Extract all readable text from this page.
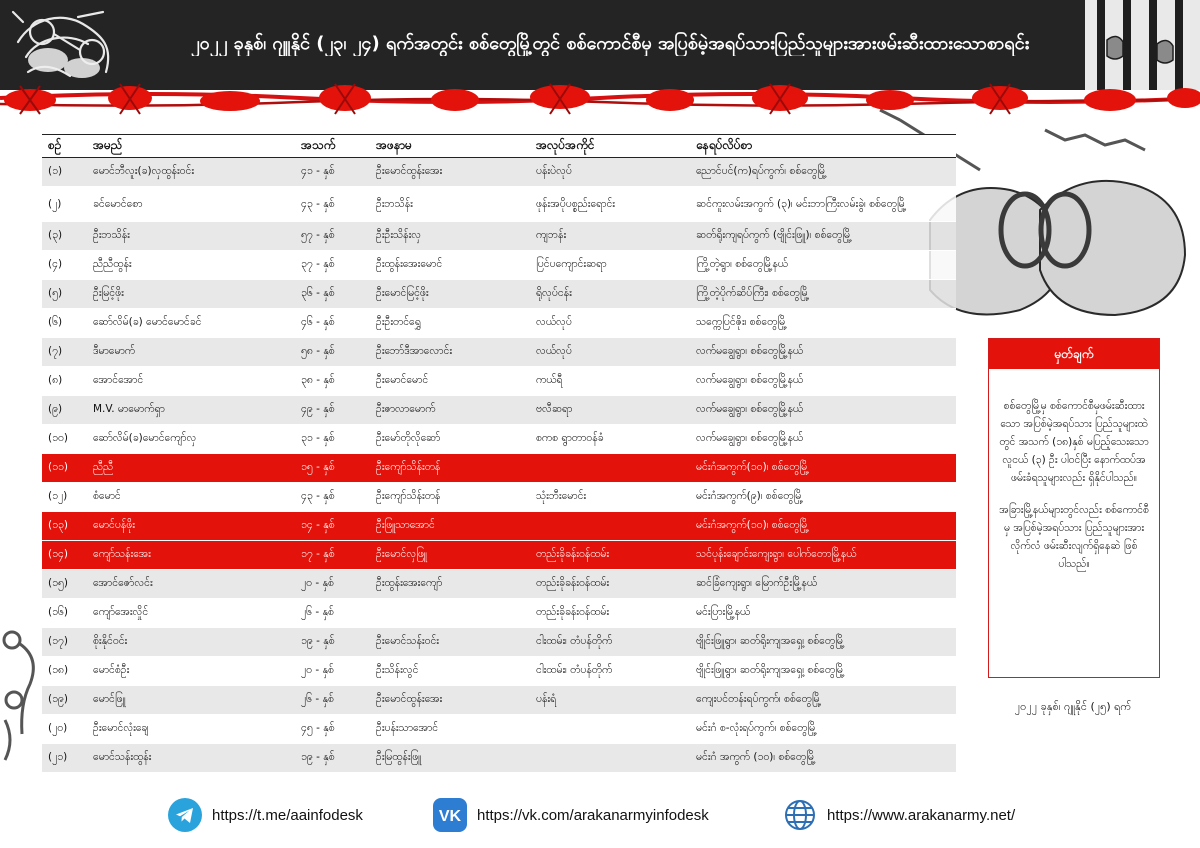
၂၀၂၂ ခုနှစ်၊ ဂျူနိုင် (၂၃၊ ၂၄) ရက်အတွင်း စစ်တွေမြို့တွင် စစ်ကောင်စီမှ အပြစ်မဲ့အရပ်သားပြည်သူများအားဖမ်းဆီးထားသောစာရင်း
စဉ်	အမည်	အသက်	အဖနာမ	အလုပ်အကိုင်	နေရပ်လိပ်စာ
(၁)	မောင်ဘီလူး(ခ)လှထွန်းဝင်း	၄၁ - နှစ်	ဦးမောင်ထွန်းအေး	ပန်းပဲလုပ်	ညောင်ပင်(က)ရပ်ကွက်၊ စစ်တွေမြို့
(၂)	ခင်မောင်စော	၄၃ - နှစ်	ဦးဘသိန်း	ဖုန်းအပိုပစ္စည်းရောင်း	ဆင်ကူးလမ်းအကွက် (၃)၊ မင်းဘာကြီးလမ်းခွဲ၊ စစ်တွေမြို့
(၃)	ဦးဘသိန်း	၅၇ - နှစ်	ဦးဦးသိန်းလှ	ကျဘန်း	ဆတ်ရိုးကျရပ်ကွက် (ဗျိုင်းဖြူ)၊ စစ်တွေမြို့
(၄)	ညီညီထွန်း	၃၇ - နှစ်	ဦးထွန်းအေးမောင်	ပြင်ပကျောင်းဆရာ	ကြို့တဲ့ရွာ၊ စစ်တွေမြို့နယ်
(၅)	ဦးမြင့်ဖိုး	၃၆ - နှစ်	ဦးမောင်မြင့်ဖိုး	ရိုလုပ်ငန်း	ကြို့တဲ့ပိုက်ဆိပ်ကြီး၊ စစ်တွေမြို့
(၆)	ဆော်လိမ်(ခ) မောင်မောင်ခင်	၄၆ - နှစ်	ဦးဦးတင်ရွှေ	လယ်လုပ်	သက္ကေပြင်ဇိုး၊ စစ်တွေမြို့
(၇)	ဒီမာမောက်	၅၈ - နှစ်	ဦးဘော်ဒီအာလောင်း	လယ်လုပ်	လက်မချွေရွာ၊ စစ်တွေမြို့နယ်
(၈)	အောင်အောင်	၃၈ - နှစ်	ဦးမောင်မောင်	ကယ်ရီ	လက်မချွေရွာ၊ စစ်တွေမြို့နယ်
(၉)	M.V. မာမောက်ရှာ	၄၉ - နှစ်	ဦးဇာလာမောက်	ဗလီဆရာ	လက်မချွေရွာ၊ စစ်တွေမြို့နယ်
(၁၀)	ဆော်လိမ်(ခ)မောင်ကျော်လှ	၃၁ - နှစ်	ဦးမော်တိုလိုဆော်	စကစ ရွာတာဝန်ခံ	လက်မချွေရွာ၊ စစ်တွေမြို့နယ်
(၁၁)	ညီညီ	၁၅ - နှစ်	ဦးကျော်သိန်းတန်		မင်းဂံအကွက်(၁၀)၊ စစ်တွေမြို့
(၁၂)	စံမောင်	၄၃ - နှစ်	ဦးကျော်သိန်းတန်	သုံးဘီးမောင်း	မင်းဂံအကွက်(၉)၊ စစ်တွေမြို့
(၁၃)	မောင်ပန်ဖိုး	၁၄ - နှစ်	ဦးဖြူသာအောင်		မင်းဂံအကွက်(၁၀)၊ စစ်တွေမြို့
(၁၄)	ကျော်သန်းအေး	၁၇ - နှစ်	ဦးမောင်လှဖြူ	တည်းခိုခန်းဝန်ထမ်း	သင်ပုန်းချောင်းကျေးရွာ၊ ပေါက်တောမြို့နယ်
(၁၅)	အောင်ဇော်လင်း	၂၀ - နှစ်	ဦးထွန်းအေးကျော်	တည်းခိုခန်းဝန်ထမ်း	ဆင်ခြံကျေးရွာ၊ မြောက်ဦးမြို့နယ်
(၁၆)	ကျော်အေးလှိုင်	၂၆ - နှစ်		တည်းခိုခန်းဝန်ထမ်း	မင်းပြားမြို့နယ်
(၁၇)	စိုးနိုင်ဝင်း	၁၉ - နှစ်	ဦးမောင်သန်းဝင်း	ငါးထမ်း၊ တံပန်တိုက်	ဗျိုင်းဖြူရွာ၊ ဆတ်ရိုးကျအရှေ့၊ စစ်တွေမြို့
(၁၈)	မောင်စံဦး	၂၀ - နှစ်	ဦးသိန်းလွင်	ငါးထမ်း၊ တံပန်တိုက်	ဗျိုင်းဖြူရွာ၊ ဆတ်ရိုးကျအရှေ့၊ စစ်တွေမြို့
(၁၉)	မောင်ဖြူ	၂၆ - နှစ်	ဦးမောင်ထွန်းအေး	ပန်းရံ	ကျေးပင်တန်းရပ်ကွက်၊ စစ်တွေမြို့
(၂၀)	ဦးမောင်လုံးချေ	၄၅ - နှစ်	ဦးပန်းသာအောင်		မင်းဂံ စ-လုံးရပ်ကွက်၊ စစ်တွေမြို့
(၂၁)	မောင်သန်းထွန်း	၁၉ - နှစ်	ဦးမြထွန်းဖြူ		မင်းဂံ အကွက် (၁၀)၊ စစ်တွေမြို့
မှတ်ချက်

စစ်တွေမြို့မှ စစ်ကောင်စီမှဖမ်းဆီးထားသော အပြစ်မဲ့အရပ်သား ပြည်သူများထဲတွင် အသက် (၁၈)နှစ် မပြည့်သေးသော လူငယ် (၃) ဦး ပါဝင်ပြီး နောက်ထပ်အဖမ်းခံရသူများလည်း ရှိနိုင်ပါသည်။

အခြားမြို့နယ်များတွင်လည်း စစ်ကောင်စီမှ အပြစ်မဲ့အရပ်သား ပြည်သူများအား လိုက်လံ ဖမ်းဆီးလျက်ရှိနေဆဲ ဖြစ်ပါသည်။

၂၀၂၂ ခုနှစ်၊ ဂျူနိုင် (၂၅) ရက်
https://t.me/aainfodesk	VK https://vk.com/arakanarmyinfodesk	https://www.arakanarmy.net/
